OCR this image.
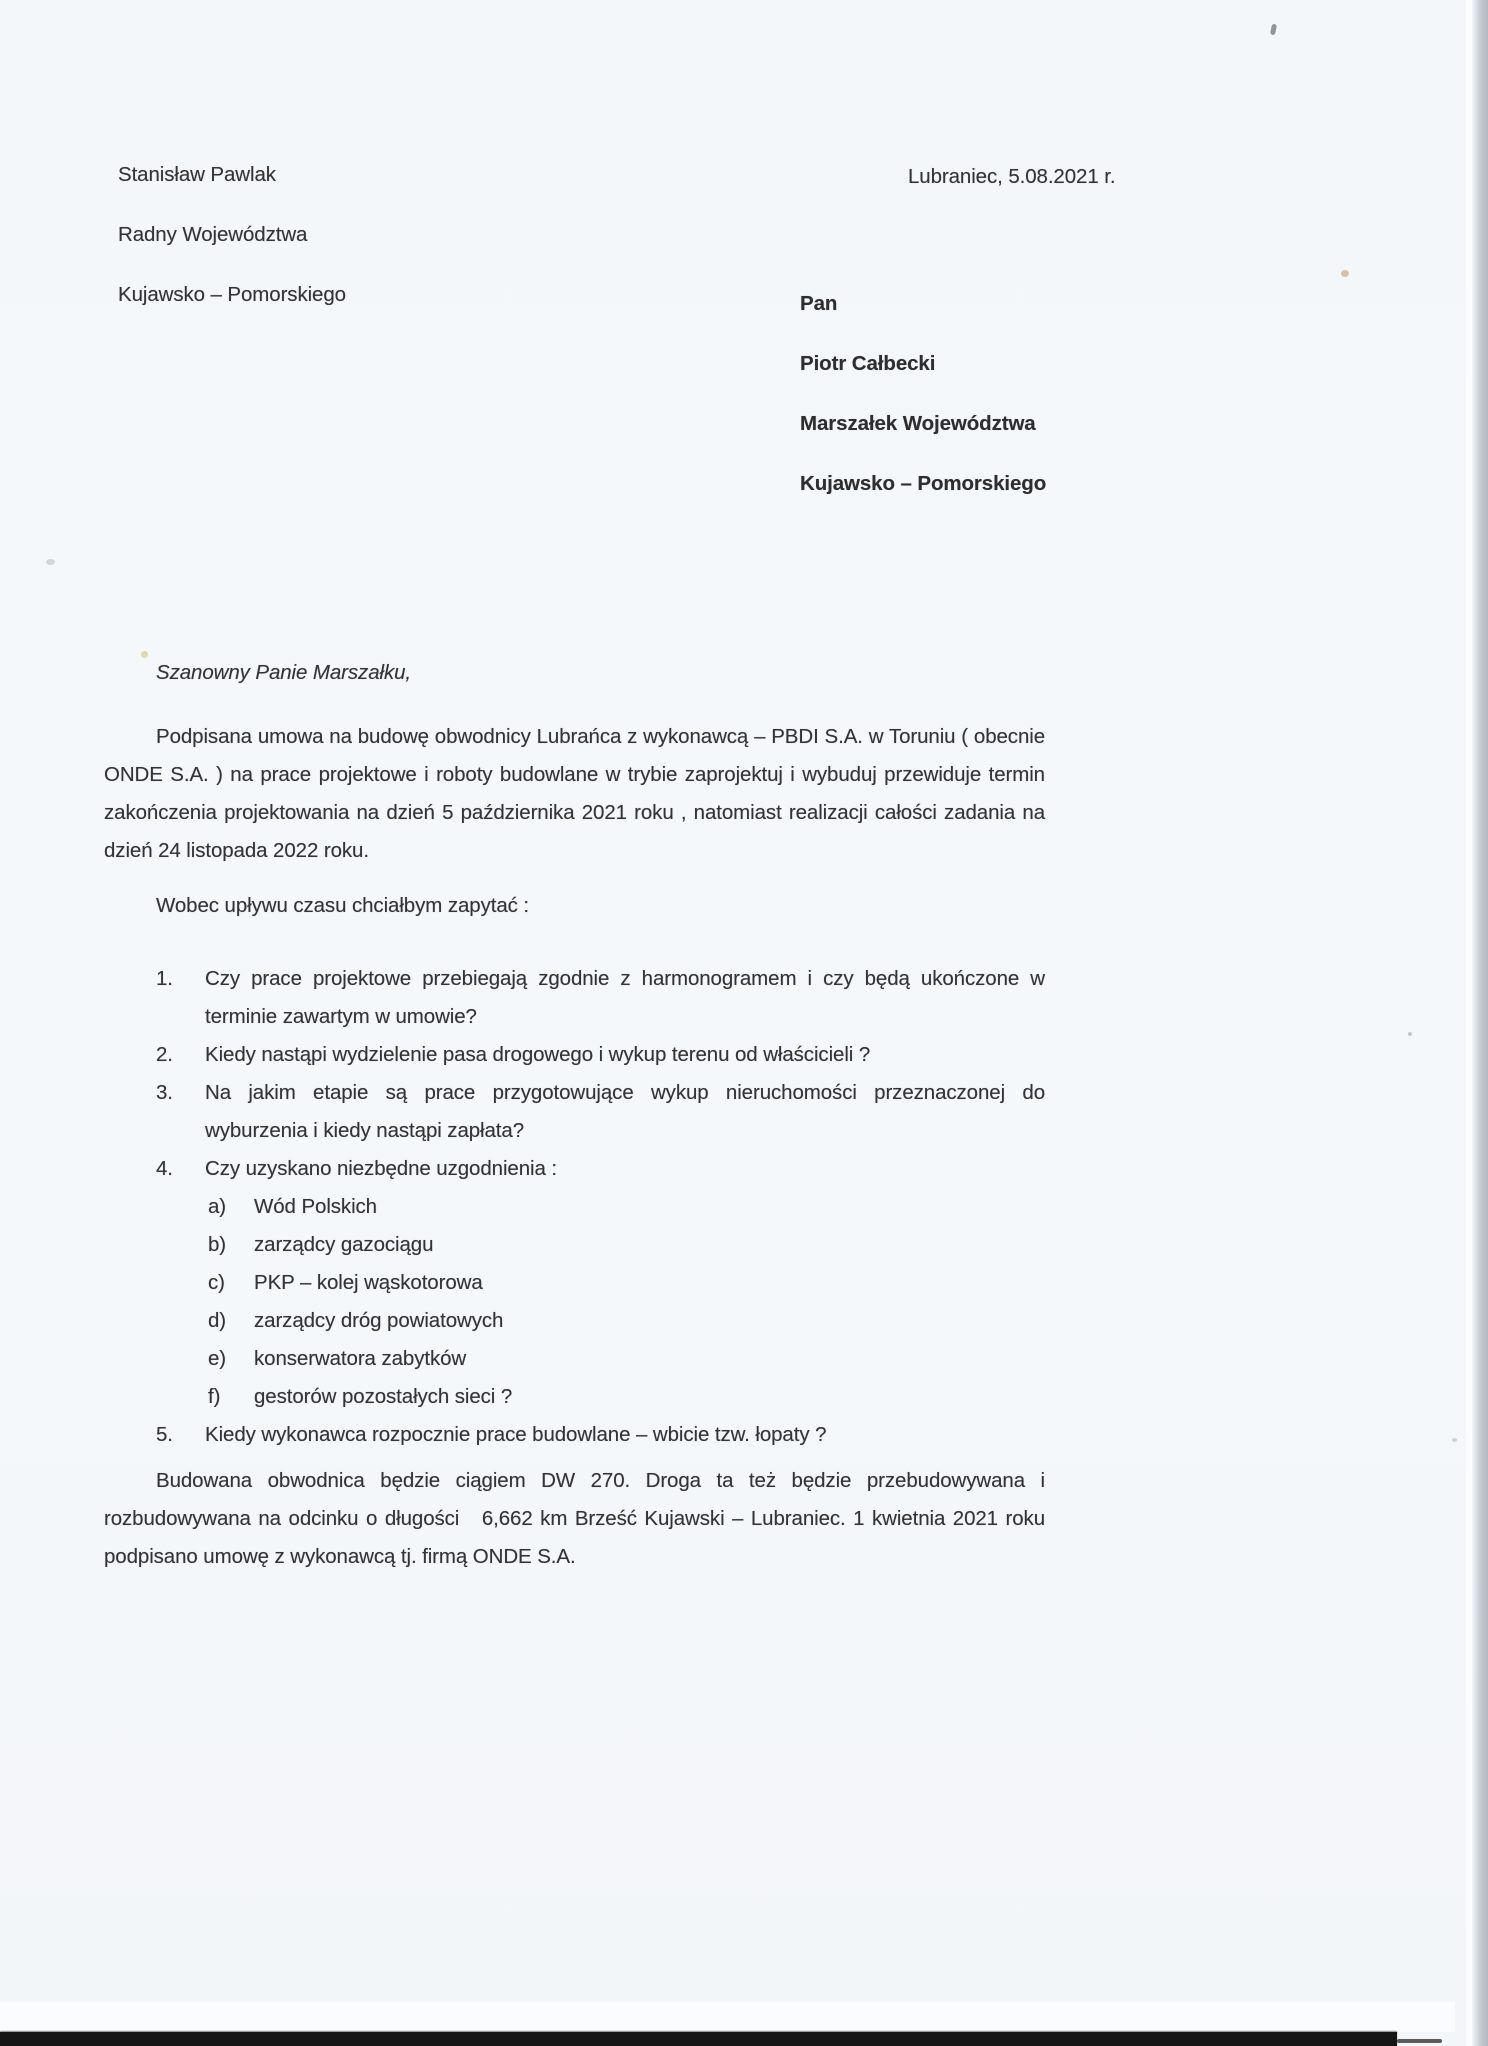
Stanisław Pawlak
Radny Województwa
Kujawsko – Pomorskiego
Lubraniec, 5.08.2021 r.
Pan
Piotr Całbecki
Marszałek Województwa
Kujawsko – Pomorskiego
Szanowny Panie Marszałku,
Podpisana umowa na budowę obwodnicy Lubrańca z wykonawcą – PBDI S.A. w Toruniu ( obecnie ONDE S.A. ) na prace projektowe i roboty budowlane w trybie zaprojektuj i wybuduj przewiduje termin zakończenia projektowania na dzień 5 października 2021 roku , natomiast realizacji całości zadania na dzień 24 listopada 2022 roku.
Wobec upływu czasu chciałbym zapytać :
1.	Czy prace projektowe przebiegają zgodnie z harmonogramem i czy będą ukończone w terminie zawartym w umowie?
2.	Kiedy nastąpi wydzielenie pasa drogowego i wykup terenu od właścicieli ?
3.	Na jakim etapie są prace przygotowujące wykup nieruchomości przeznaczonej do wyburzenia i kiedy nastąpi zapłata?
4.	Czy uzyskano niezbędne uzgodnienia :
a)	Wód Polskich
b)	zarządcy gazociągu
c)	PKP – kolej wąskotorowa
d)	zarządcy dróg powiatowych
e)	konserwatora zabytków
f)	gestorów pozostałych sieci ?
5.	Kiedy wykonawca rozpocznie prace budowlane – wbicie tzw. łopaty ?
Budowana obwodnica będzie ciągiem DW 270. Droga ta też będzie przebudowywana i rozbudowywana na odcinku o długości   6,662 km Brześć Kujawski – Lubraniec. 1 kwietnia 2021 roku podpisano umowę z wykonawcą tj. firmą ONDE S.A.
